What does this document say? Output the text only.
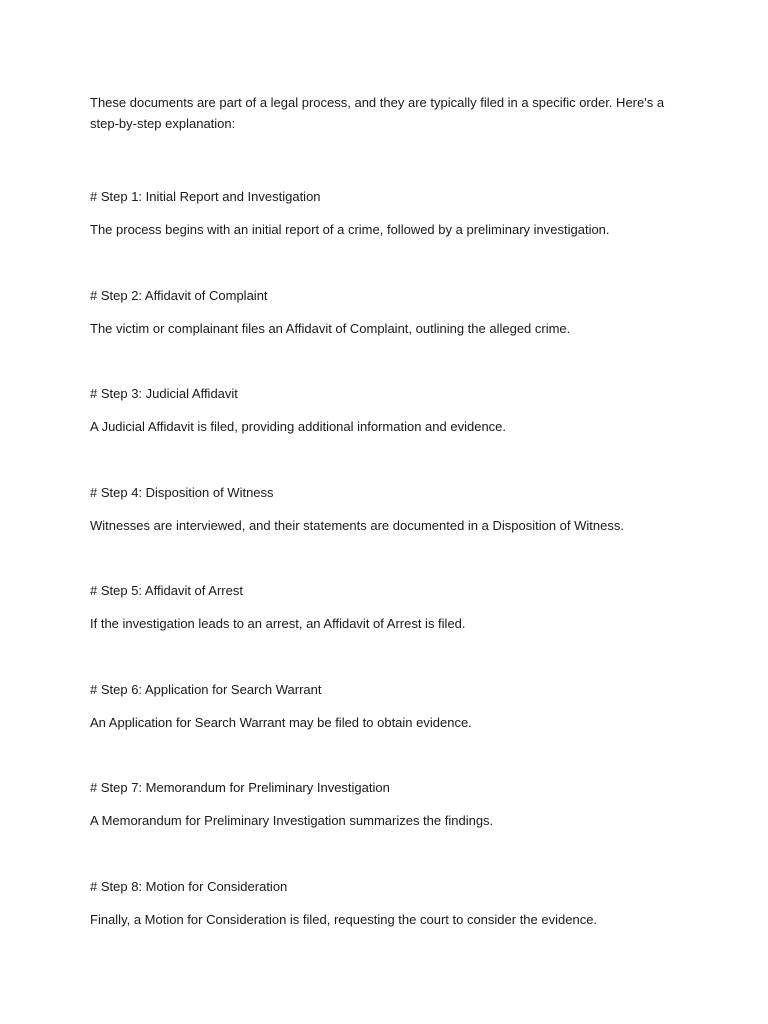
These documents are part of a legal process, and they are typically filed in a specific order. Here's a step-by-step explanation:

# Step 1: Initial Report and Investigation

The process begins with an initial report of a crime, followed by a preliminary investigation.

# Step 2: Affidavit of Complaint

The victim or complainant files an Affidavit of Complaint, outlining the alleged crime.

# Step 3: Judicial Affidavit

A Judicial Affidavit is filed, providing additional information and evidence.

# Step 4: Disposition of Witness

Witnesses are interviewed, and their statements are documented in a Disposition of Witness.

# Step 5: Affidavit of Arrest

If the investigation leads to an arrest, an Affidavit of Arrest is filed.

# Step 6: Application for Search Warrant

An Application for Search Warrant may be filed to obtain evidence.

# Step 7: Memorandum for Preliminary Investigation

A Memorandum for Preliminary Investigation summarizes the findings.

# Step 8: Motion for Consideration

Finally, a Motion for Consideration is filed, requesting the court to consider the evidence.
